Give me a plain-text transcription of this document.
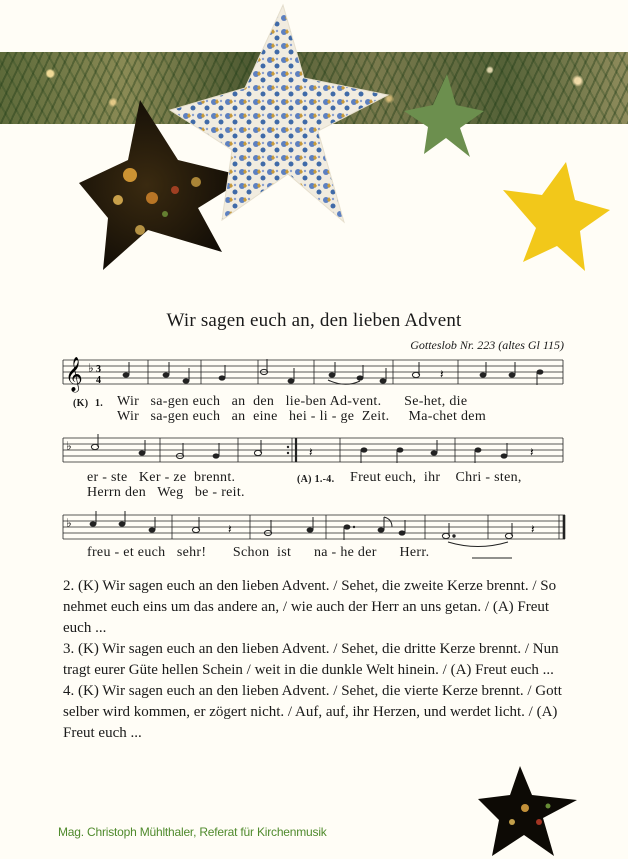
Wir sagen euch an, den lieben Advent
Gotteslob Nr. 223 (altes Gl 115)
𝄞 ♭ 3
4	𝄽
(K) 1. Wir   sa-gen euch   an  den   lie-ben Ad-vent.      Se-het, die
Wir   sa-gen euch   an  eine   hei - li - ge  Zeit.     Ma-chet dem
♭	𝄽	𝄽
er - ste   Ker - ze  brennt.
Herrn den   Weg   be - reit.
(A) 1.-4. Freut euch,  ihr    Chri - sten,
♭	𝄽	𝄽
freu - et euch   sehr!       Schon  ist      na - he der      Herr.

2. (K) Wir sagen euch an den lieben Advent. / Sehet, die zweite Kerze brennt. / So nehmet euch eins um das andere an, / wie auch der Herr an uns getan. / (A) Freut euch ...

3. (K) Wir sagen euch an den lieben Advent. / Sehet, die dritte Kerze brennt. / Nun tragt eurer Güte hellen Schein / weit in die dunkle Welt hinein. / (A) Freut euch ...

4. (K) Wir sagen euch an den lieben Advent. / Sehet, die vierte Kerze brennt. / Gott selber wird kommen, er zögert nicht. / Auf, auf, ihr Herzen, und werdet licht. / (A) Freut euch ...

Mag. Christoph Mühlthaler, Referat für Kirchenmusik
